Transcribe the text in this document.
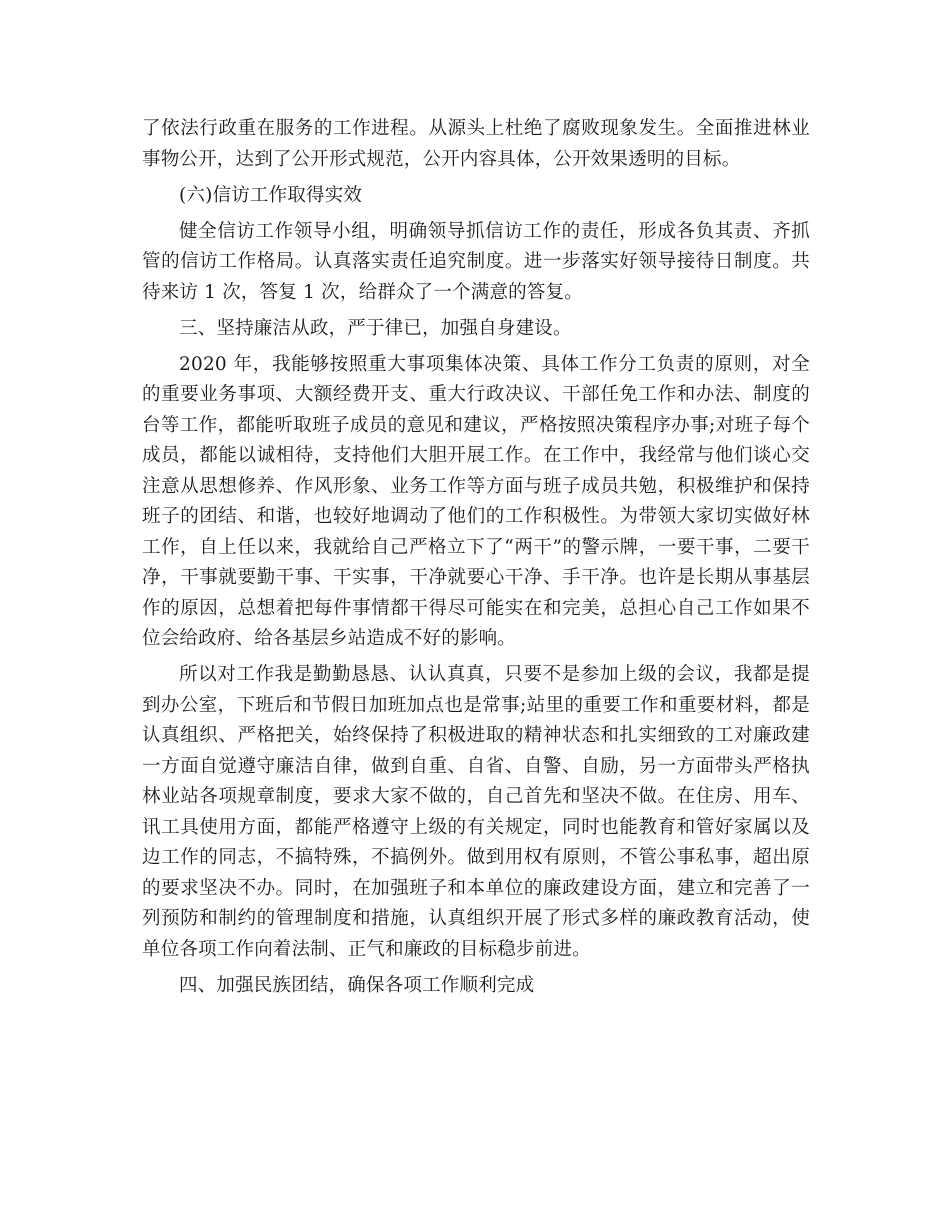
了依法行政重在服务的工作进程。从源头上杜绝了腐败现象发生。全面推进林业
事物公开，达到了公开形式规范，公开内容具体，公开效果透明的目标。
(六)信访工作取得实效
健全信访工作领导小组，明确领导抓信访工作的责任，形成各负其责、齐抓
管的信访工作格局。认真落实责任追究制度。进一步落实好领导接待日制度。共
待来访 1 次，答复 1 次，给群众了一个满意的答复。
三、坚持廉洁从政，严于律已，加强自身建设。
2020 年，我能够按照重大事项集体决策、具体工作分工负责的原则，对全
的重要业务事项、大额经费开支、重大行政决议、干部任免工作和办法、制度的
台等工作，都能听取班子成员的意见和建议，严格按照决策程序办事;对班子每个
成员，都能以诚相待，支持他们大胆开展工作。在工作中，我经常与他们谈心交
注意从思想修养、作风形象、业务工作等方面与班子成员共勉，积极维护和保持
班子的团结、和谐，也较好地调动了他们的工作积极性。为带领大家切实做好林
工作，自上任以来，我就给自己严格立下了“两干”的警示牌，一要干事，二要干
净，干事就要勤干事、干实事，干净就要心干净、手干净。也许是长期从事基层
作的原因，总想着把每件事情都干得尽可能实在和完美，总担心自己工作如果不
位会给政府、给各基层乡站造成不好的影响。
所以对工作我是勤勤恳恳、认认真真，只要不是参加上级的会议，我都是提
到办公室，下班后和节假日加班加点也是常事;站里的重要工作和重要材料，都是
认真组织、严格把关，始终保持了积极进取的精神状态和扎实细致的工对廉政建
一方面自觉遵守廉洁自律，做到自重、自省、自警、自励，另一方面带头严格执
林业站各项规章制度，要求大家不做的，自己首先和坚决不做。在住房、用车、
讯工具使用方面，都能严格遵守上级的有关规定，同时也能教育和管好家属以及
边工作的同志，不搞特殊，不搞例外。做到用权有原则，不管公事私事，超出原
的要求坚决不办。同时，在加强班子和本单位的廉政建设方面，建立和完善了一
列预防和制约的管理制度和措施，认真组织开展了形式多样的廉政教育活动，使
单位各项工作向着法制、正气和廉政的目标稳步前进。
四、加强民族团结，确保各项工作顺利完成
